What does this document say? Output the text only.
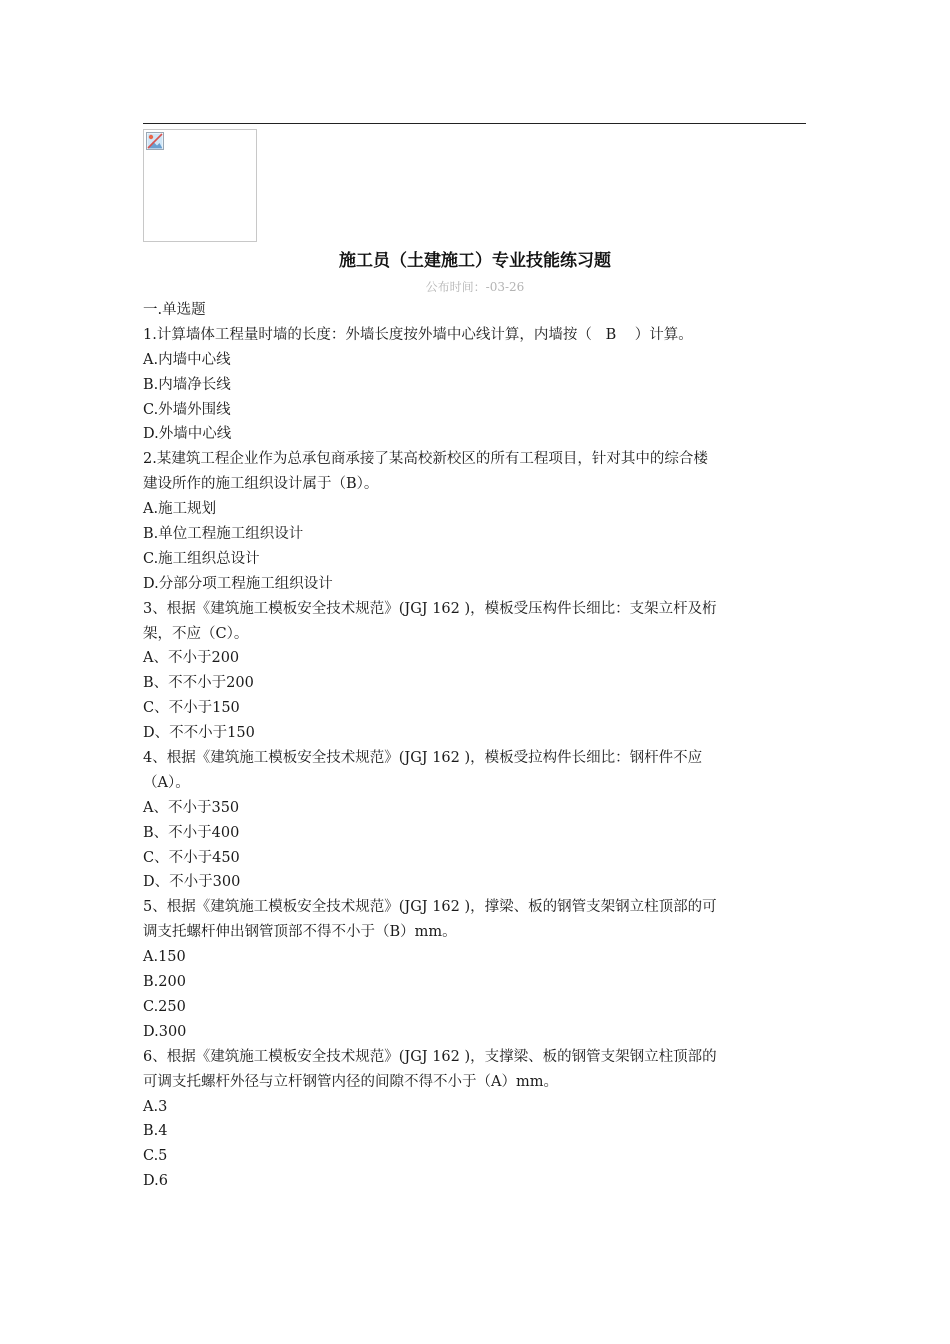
施工员（土建施工）专业技能练习题
公布时间：-03-26
一.单选题
1.计算墙体工程量时墙的长度：外墙长度按外墙中心线计算，内墙按（   B    ）计算。
A.内墙中心线
B.内墙净长线
C.外墙外围线
D.外墙中心线
2.某建筑工程企业作为总承包商承接了某高校新校区的所有工程项目，针对其中的综合楼
建设所作的施工组织设计属于（B）。
A.施工规划
B.单位工程施工组织设计
C.施工组织总设计
D.分部分项工程施工组织设计
3、根据《建筑施工模板安全技术规范》(JGJ 162 )，模板受压构件长细比：支架立杆及桁
架，不应（C）。
A、不小于200
B、不不小于200
C、不小于150
D、不不小于150
4、根据《建筑施工模板安全技术规范》(JGJ 162 )，模板受拉构件长细比：钢杆件不应
（A）。
A、不小于350
B、不小于400
C、不小于450
D、不小于300
5、根据《建筑施工模板安全技术规范》(JGJ 162 )，撑梁、板的钢管支架钢立柱顶部的可
调支托螺杆伸出钢管顶部不得不小于（B）mm。
A.150
B.200
C.250
D.300
6、根据《建筑施工模板安全技术规范》(JGJ 162 )，支撑梁、板的钢管支架钢立柱顶部的
可调支托螺杆外径与立杆钢管内径的间隙不得不小于（A）mm。
A.3
B.4
C.5
D.6
